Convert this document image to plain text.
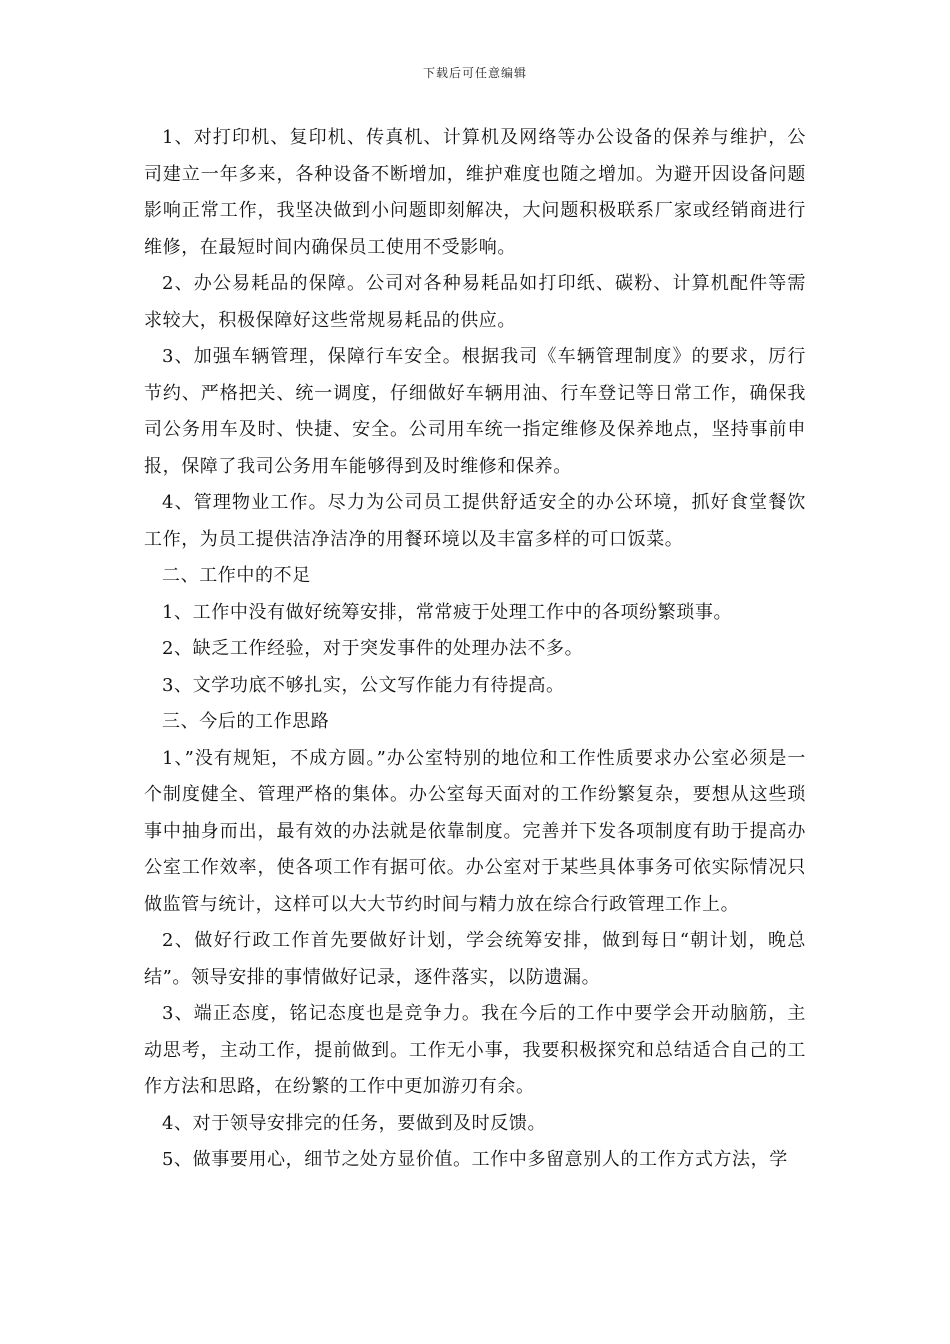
下载后可任意编辑

1、对打印机、复印机、传真机、计算机及网络等办公设备的保养与维护，公司建立一年多来，各种设备不断增加，维护难度也随之增加。为避开因设备问题影响正常工作，我坚决做到小问题即刻解决，大问题积极联系厂家或经销商进行维修，在最短时间内确保员工使用不受影响。

2、办公易耗品的保障。公司对各种易耗品如打印纸、碳粉、计算机配件等需求较大，积极保障好这些常规易耗品的供应。

3、加强车辆管理，保障行车安全。根据我司《车辆管理制度》的要求，厉行节约、严格把关、统一调度，仔细做好车辆用油、行车登记等日常工作，确保我司公务用车及时、快捷、安全。公司用车统一指定维修及保养地点，坚持事前申报，保障了我司公务用车能够得到及时维修和保养。

4、管理物业工作。尽力为公司员工提供舒适安全的办公环境，抓好食堂餐饮工作，为员工提供洁净洁净的用餐环境以及丰富多样的可口饭菜。

二、工作中的不足

1、工作中没有做好统筹安排，常常疲于处理工作中的各项纷繁琐事。

2、缺乏工作经验，对于突发事件的处理办法不多。

3、文学功底不够扎实，公文写作能力有待提高。

三、今后的工作思路

1、”没有规矩，不成方圆。”办公室特别的地位和工作性质要求办公室必须是一个制度健全、管理严格的集体。办公室每天面对的工作纷繁复杂，要想从这些琐事中抽身而出，最有效的办法就是依靠制度。完善并下发各项制度有助于提高办公室工作效率，使各项工作有据可依。办公室对于某些具体事务可依实际情况只做监管与统计，这样可以大大节约时间与精力放在综合行政管理工作上。

2、做好行政工作首先要做好计划，学会统筹安排，做到每日“朝计划，晚总结”。领导安排的事情做好记录，逐件落实，以防遗漏。

3、端正态度，铭记态度也是竞争力。我在今后的工作中要学会开动脑筋，主动思考，主动工作，提前做到。工作无小事，我要积极探究和总结适合自己的工作方法和思路，在纷繁的工作中更加游刃有余。

4、对于领导安排完的任务，要做到及时反馈。

5、做事要用心，细节之处方显价值。工作中多留意别人的工作方式方法，学
